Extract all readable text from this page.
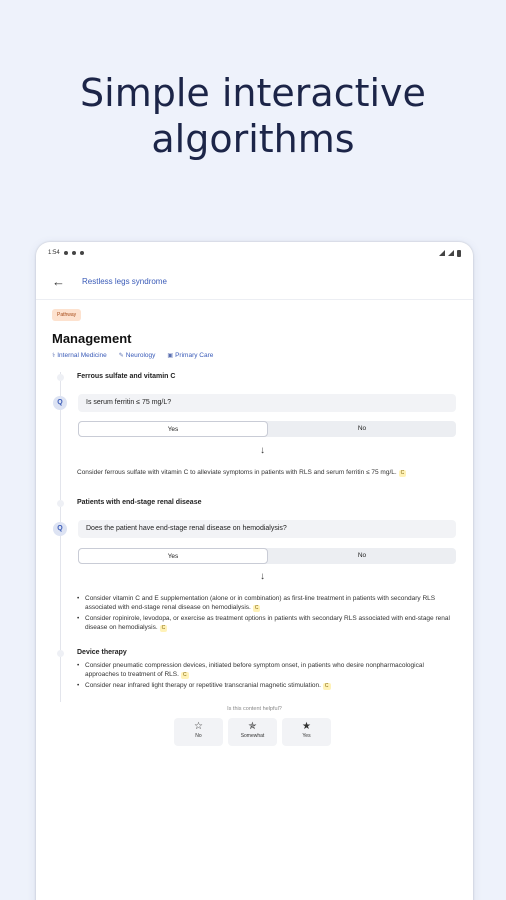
Simple interactive
algorithms
1:54
←	Restless legs syndrome
Pathway
Management
⚕ Internal Medicine ✎ Neurology ▣ Primary Care
Ferrous sulfate and vitamin C
Q	Is serum ferritin ≤ 75 mg/L?
Yes	No
↓
Consider ferrous sulfate with vitamin C to alleviate symptoms in patients with RLS and serum ferritin ≤ 75 mg/L. C
Patients with end-stage renal disease
Q	Does the patient have end-stage renal disease on hemodialysis?
Yes	No
↓
• Consider vitamin C and E supplementation (alone or in combination) as first-line treatment in patients with secondary RLS associated with end-stage renal disease on hemodialysis. C
• Consider ropinirole, levodopa, or exercise as treatment options in patients with secondary RLS associated with end-stage renal disease on hemodialysis. C
Device therapy
• Consider pneumatic compression devices, initiated before symptom onset, in patients who desire nonpharmacological approaches to treatment of RLS. C
• Consider near infrared light therapy or repetitive transcranial magnetic stimulation. C
Is this content helpful?
☆
No
✯
Somewhat
★
Yes
